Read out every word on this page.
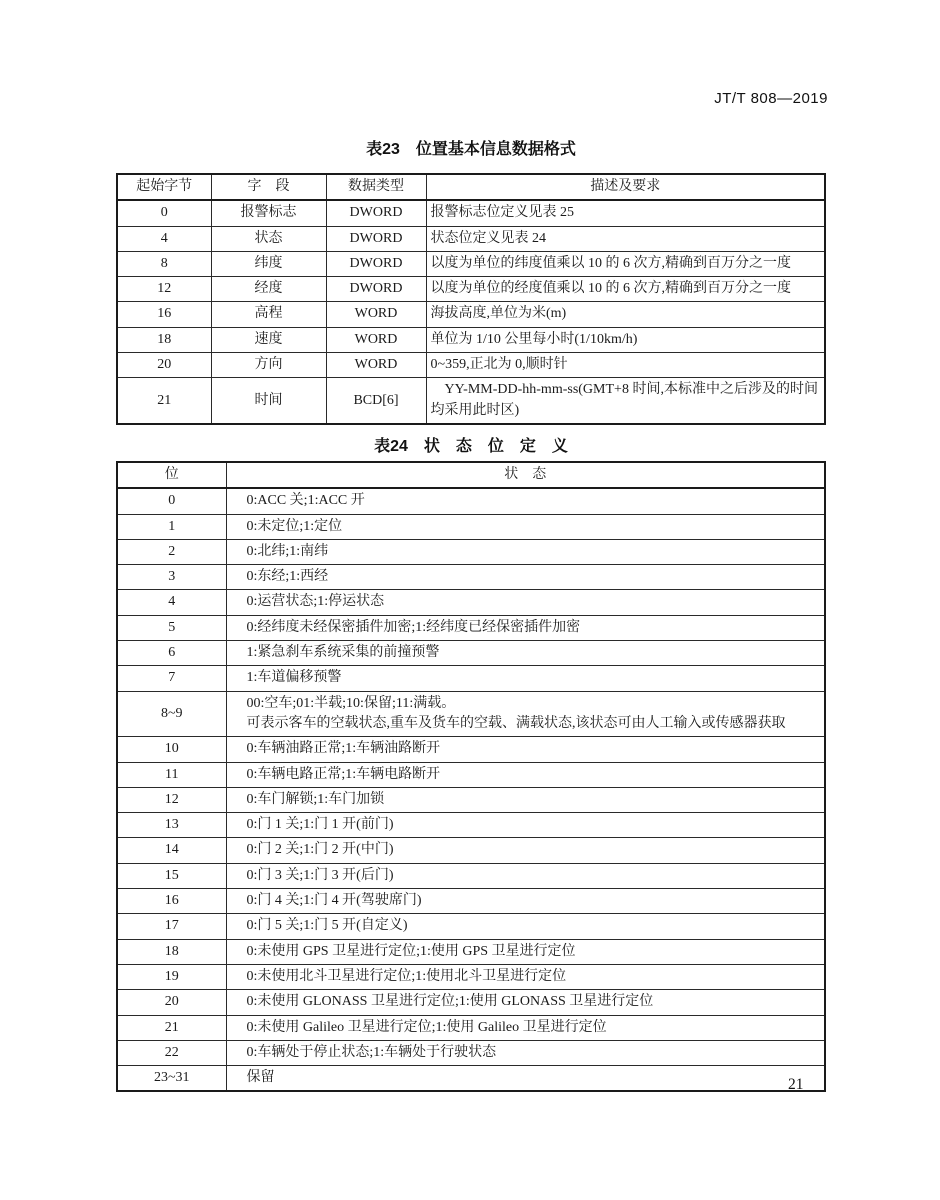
JT/T 808—2019
表23　位置基本信息数据格式
起始字节	字　段	数据类型	描述及要求
0	报警标志	DWORD	报警标志位定义见表 25
4	状态	DWORD	状态位定义见表 24
8	纬度	DWORD	以度为单位的纬度值乘以 10 的 6 次方,精确到百万分之一度
12	经度	DWORD	以度为单位的经度值乘以 10 的 6 次方,精确到百万分之一度
16	高程	WORD	海拔高度,单位为米(m)
18	速度	WORD	单位为 1/10 公里每小时(1/10km/h)
20	方向	WORD	0~359,正北为 0,顺时针
21	时间	BCD[6]	YY-MM-DD-hh-mm-ss(GMT+8 时间,本标准中之后涉及的时间均采用此时区)
表24　状　态　位　定　义
位	状　态
0	0:ACC 关;1:ACC 开
1	0:未定位;1:定位
2	0:北纬;1:南纬
3	0:东经;1:西经
4	0:运营状态;1:停运状态
5	0:经纬度未经保密插件加密;1:经纬度已经保密插件加密
6	1:紧急刹车系统采集的前撞预警
7	1:车道偏移预警
8~9	00:空车;01:半载;10:保留;11:满载。
可表示客车的空载状态,重车及货车的空载、满载状态,该状态可由人工输入或传感器获取

10	0:车辆油路正常;1:车辆油路断开
11	0:车辆电路正常;1:车辆电路断开
12	0:车门解锁;1:车门加锁
13	0:门 1 关;1:门 1 开(前门)
14	0:门 2 关;1:门 2 开(中门)
15	0:门 3 关;1:门 3 开(后门)
16	0:门 4 关;1:门 4 开(驾驶席门)
17	0:门 5 关;1:门 5 开(自定义)
18	0:未使用 GPS 卫星进行定位;1:使用 GPS 卫星进行定位
19	0:未使用北斗卫星进行定位;1:使用北斗卫星进行定位
20	0:未使用 GLONASS 卫星进行定位;1:使用 GLONASS 卫星进行定位
21	0:未使用 Galileo 卫星进行定位;1:使用 Galileo 卫星进行定位
22	0:车辆处于停止状态;1:车辆处于行驶状态
23~31	保留	21
